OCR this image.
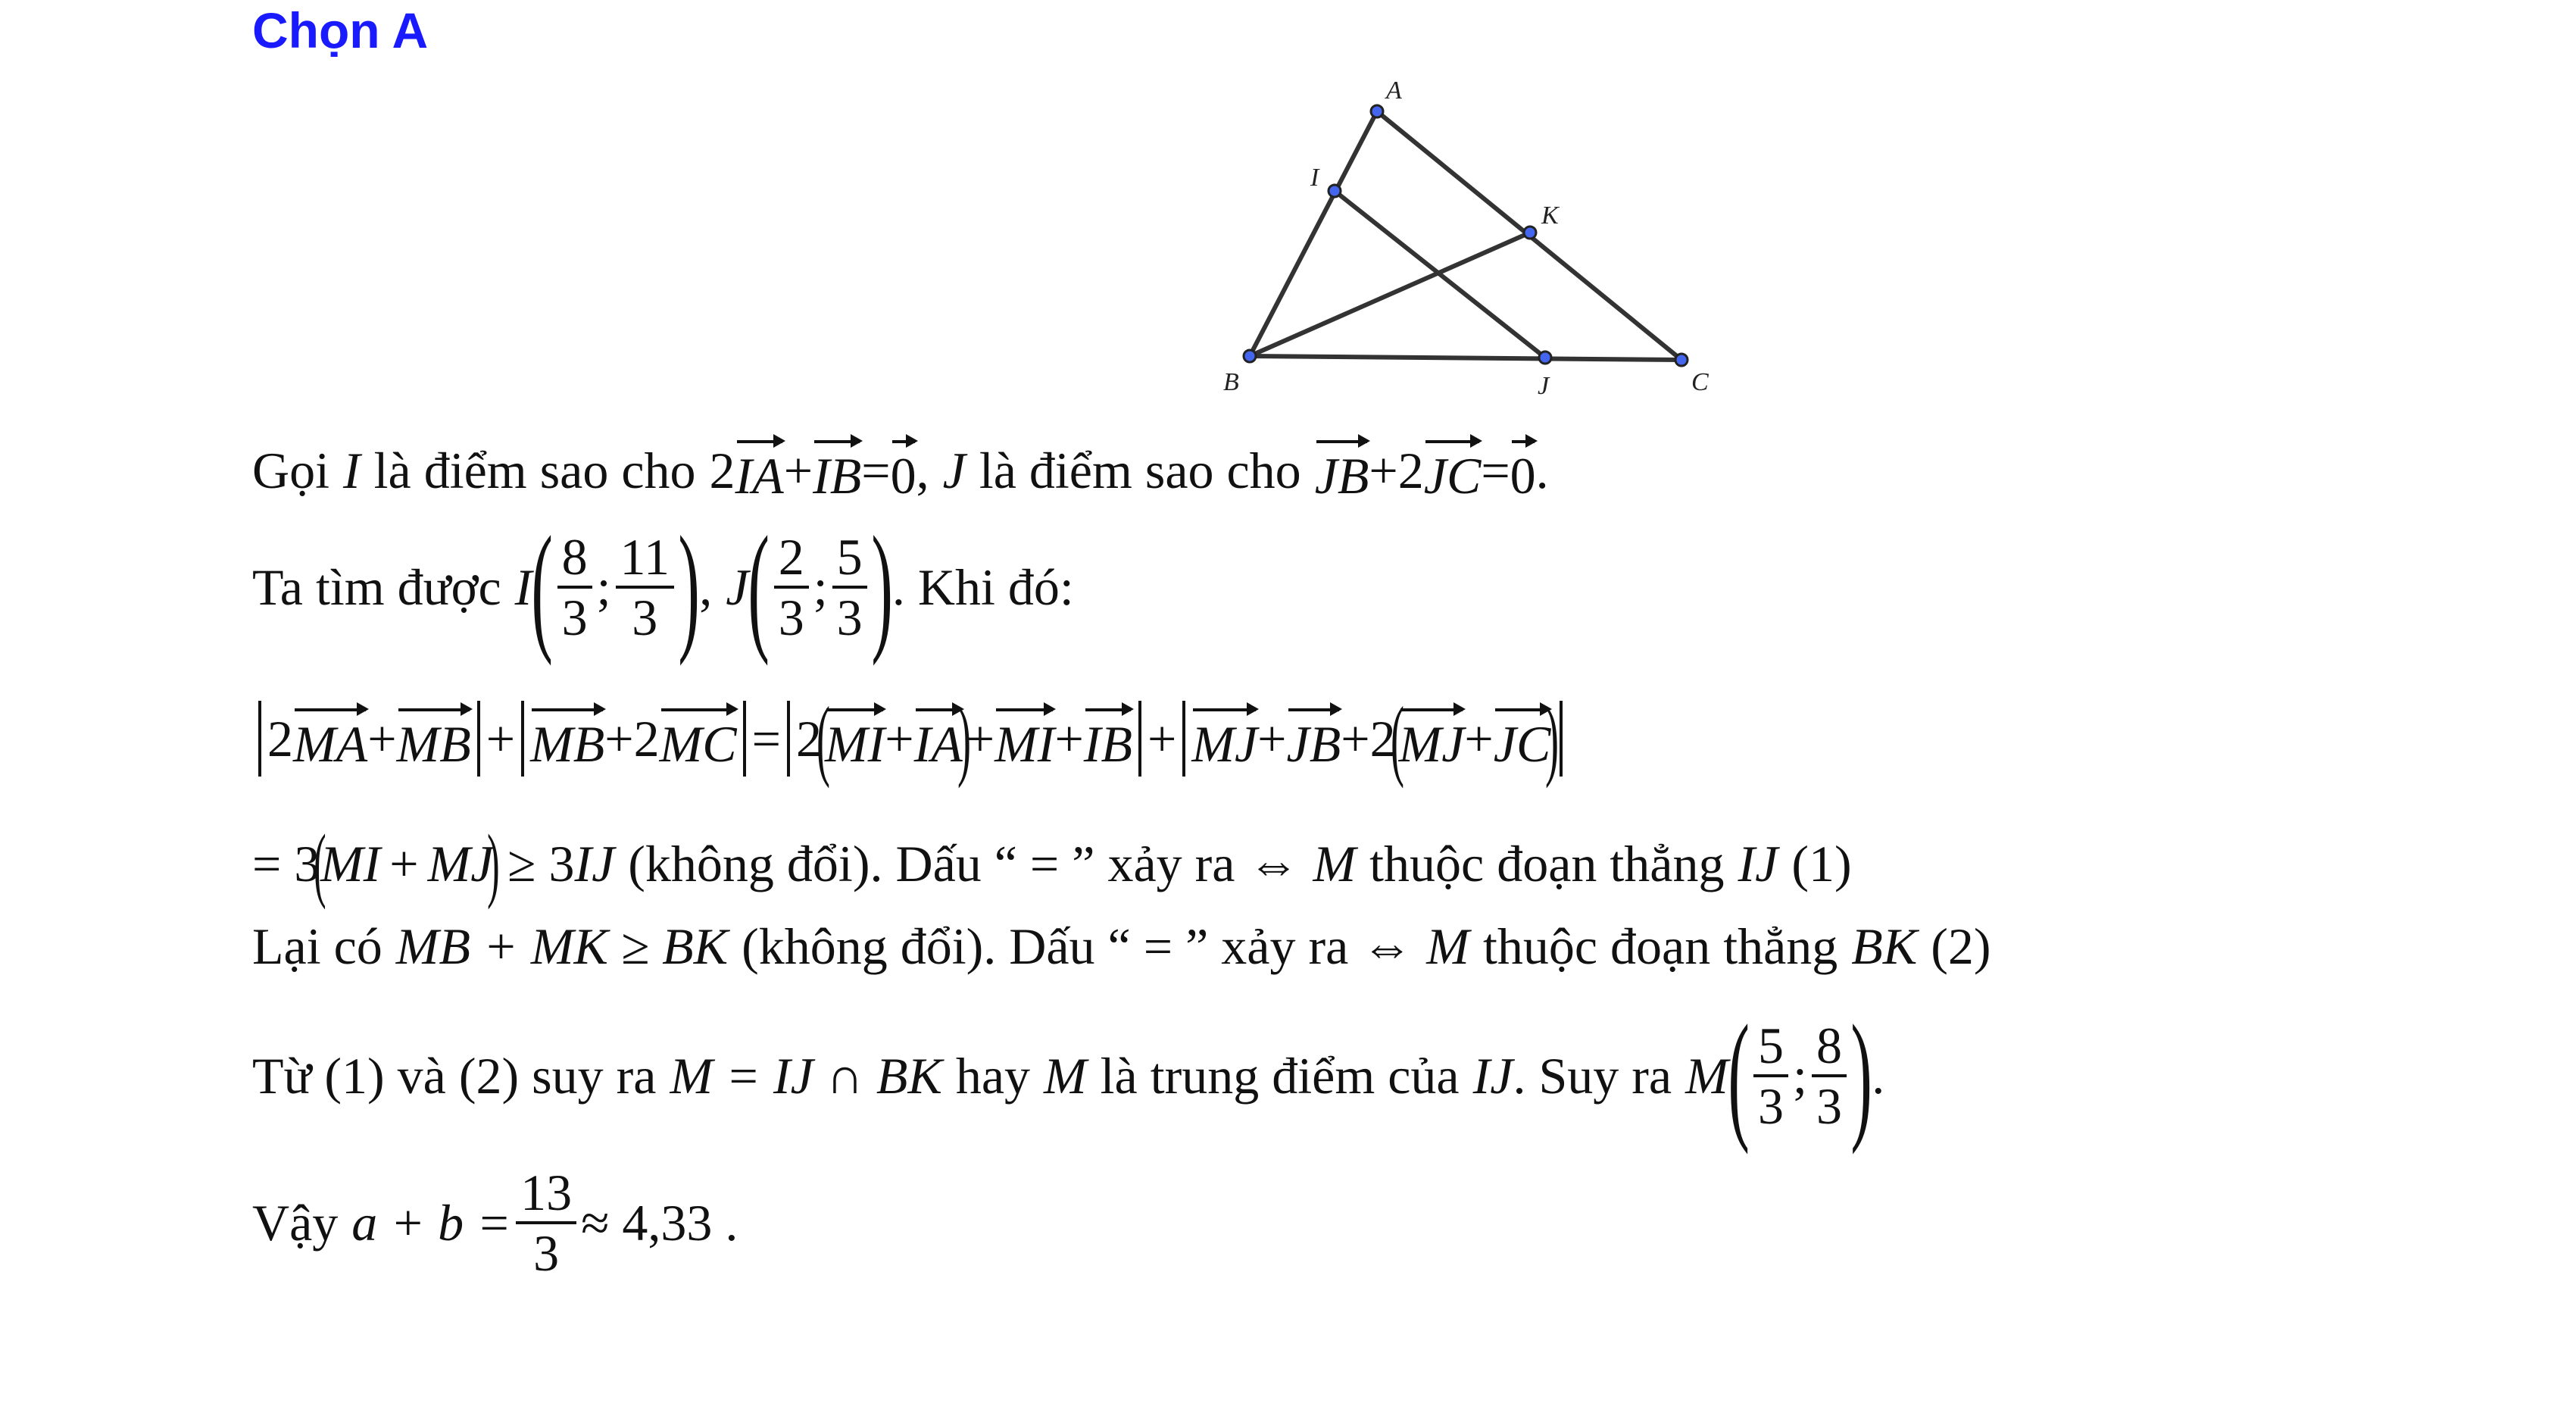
Chọn A
A
I
K
B	J	C
Gọi I là điểm sao cho 2 IA + IB = 0 , J là điểm sao cho JB + 2 JC = 0 .
Ta tìm được I ( $\frac{8}{3}$ ; $\frac{11}{3}$ ) , J ( $\frac{2}{3}$ ; $\frac{5}{3}$ ) . Khi đó:
2 MA + MB + MB + 2 MC = 2
(
MI + IA
)
+ MI + IB + MJ + JB + 2
(
MJ + JC
)
= 3
(
MI + MJ
) ≥ 3 IJ (không đổi). Dấu “ = ” xảy ra ⇔ M thuộc đoạn thẳng IJ (1)
Lại có MB + MK ≥ BK (không đổi). Dấu “ = ” xảy ra ⇔ M thuộc đoạn thẳng BK (2)
Từ (1) và (2) suy ra M = IJ ∩ BK hay M là trung điểm của IJ . Suy ra M ( $\frac{5}{3}$ ; $\frac{8}{3}$ ) .
Vậy $a + b = \frac{13}{3} \approx 4,33$ .
